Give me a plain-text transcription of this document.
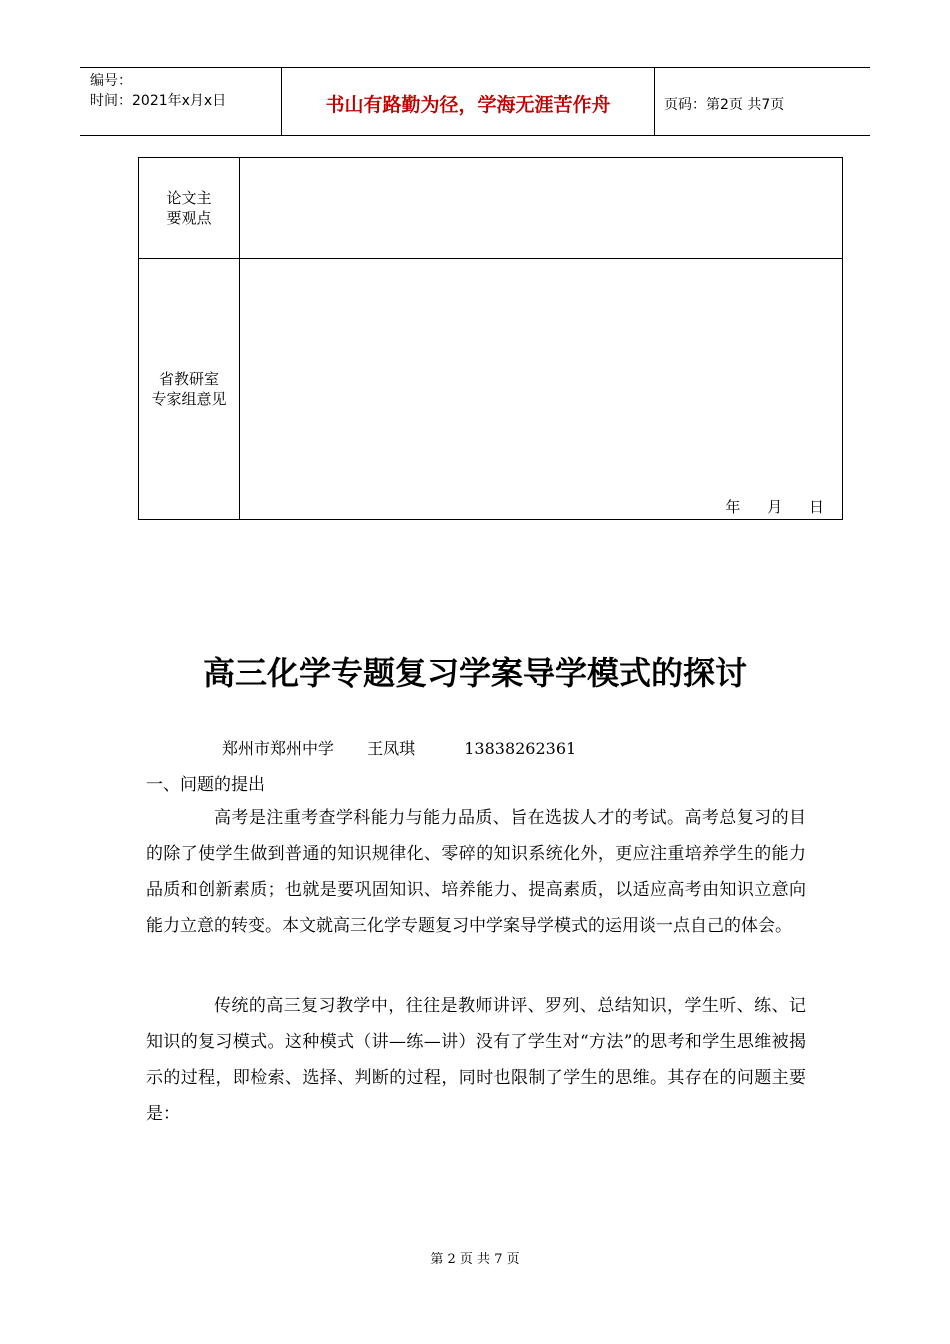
编号：
时间：2021年x月x日	书山有路勤为径，学海无涯苦作舟	页码：第2页 共7页
论文主
要观点	
省教研室
专家组意见	年 月 日
高三化学专题复习学案导学模式的探讨
郑州市郑州中学 王凤琪	13838262361
一、问题的提出

高考是注重考查学科能力与能力品质、旨在选拔人才的考试。高考总复习的目的除了使学生做到普通的知识规律化、零碎的知识系统化外，更应注重培养学生的能力品质和创新素质；也就是要巩固知识、培养能力、提高素质，以适应高考由知识立意向能力立意的转变。本文就高三化学专题复习中学案导学模式的运用谈一点自己的体会。

传统的高三复习教学中，往往是教师讲评、罗列、总结知识，学生听、练、记知识的复习模式。这种模式（讲—练—讲）没有了学生对“方法”的思考和学生思维被揭示的过程，即检索、选择、判断的过程，同时也限制了学生的思维。其存在的问题主要是：

第 2 页 共 7 页
